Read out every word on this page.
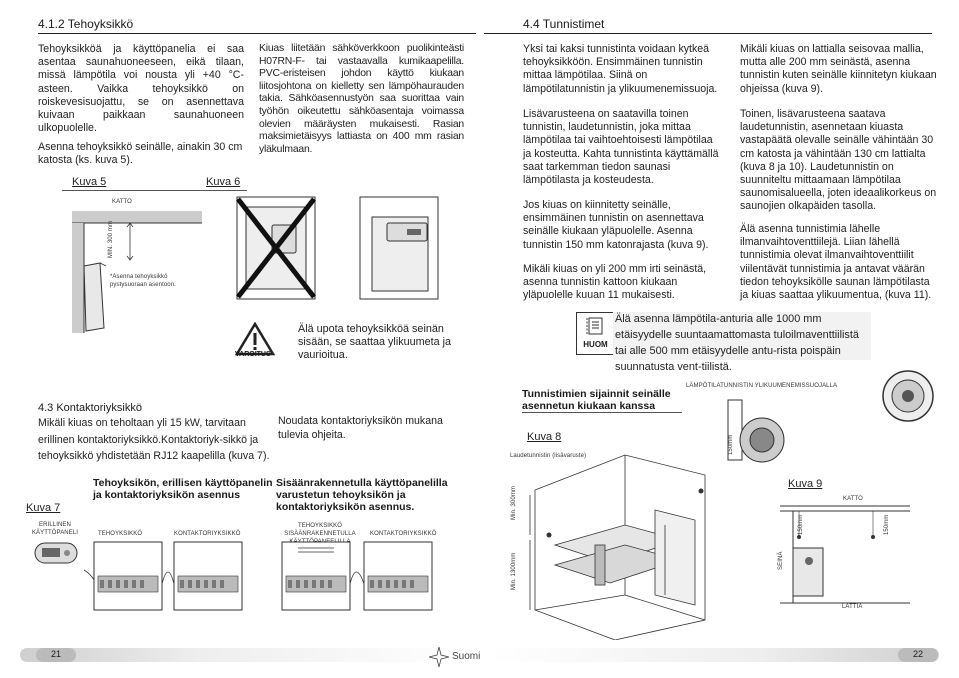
4.1.2 Tehoyksikkö
Tehoyksikköä ja käyttöpanelia ei saa asentaa saunahuoneeseen, eikä tilaan, missä lämpötila voi nousta yli +40 °C-asteen. Vaikka tehoyksikkö on roiskevesisuojattu, se on asennettava kuivaan paikkaan saunahuoneen ulkopuolelle.
Asenna tehoyksikkö seinälle, ainakin 30 cm katosta (ks. kuva 5).
Kiuas liitetään sähköverkkoon puolikinteästi H07RN-F- tai vastaavalla kumikaapelilla. PVC-eristeisen johdon käyttö kiukaan liitosjohtona on kielletty sen lämpöhaurauden takia. Sähköasennustyön saa suorittaa vain työhön oikeutettu sähköasentaja voimassa olevien määräysten mukaisesti. Rasian maksimietäisyys lattiasta on 400 mm rasian yläkulmaan.
Kuva 5	Kuva 6
KATTO
MIN. 300 mm
*Asenna tehoyksikkö pystysuoraan asentoon.
VAROITUS
Älä upota tehoyksikköä seinän sisään, se saattaa ylikuumeta ja vaurioitua.
4.3 Kontaktoriyksikkö
Mikäli kiuas on teholtaan yli 15 kW, tarvitaan erillinen kontaktoriyksikkö.Kontaktoriyk-sikkö ja tehoyksikkö yhdistetään RJ12 kaapelilla (kuva 7).
Noudata kontaktoriyksikön mukana tulevia ohjeita.
Kuva 7
ERILLINEN KÄYTTÖPANELI
Tehoyksikön, erillisen käyttöpanelin ja kontaktoriyksikön asennus
Sisäänrakennetulla käyttöpanelilla varustetun tehoyksikön ja kontaktoriyksikön asennus.
TEHOYKSIKKÖ	KONTAKTORIYKSIKKÖ
TEHOYKSIKKÖ SISÄÄNRAKENNETULLA	KONTAKTORIYKSIKKÖ
21
4.4 Tunnistimet
Yksi tai kaksi tunnistinta voidaan kytkeä tehoyksikköön. Ensimmäinen tunnistin mittaa lämpötilaa. Siinä on lämpötilatunnistin ja ylikuumenemissuoja.
Lisävarusteena on saatavilla toinen tunnistin, laudetunnistin, joka mittaa lämpötilaa tai vaihtoehtoisesti lämpötilaa ja kosteutta. Kahta tunnistinta käyttämällä saat tarkemman tiedon saunasi lämpötilasta ja kosteudesta.
Jos kiuas on kiinnitetty seinälle, ensimmäinen tunnistin on asennettava seinälle kiukaan yläpuolelle. Asenna tunnistin 150 mm katonrajasta (kuva 9).
Mikäli kiuas on yli 200 mm irti seinästä, asenna tunnistin kattoon kiukaan yläpuolelle kuuan 11 mukaisesti.
Mikäli kiuas on lattialla seisovaa mallia, mutta alle 200 mm seinästä, asenna tunnistin kuten seinälle kiinnitetyn kiukaan ohjeissa (kuva 9).
Toinen, lisävarusteena saatava laudetunnistin, asennetaan kiuasta vastapäätä olevalle seinälle vähintään 30 cm katosta ja vähintään 130 cm lattialta (kuva 8 ja 10). Laudetunnistin on suunniteltu mittaamaan lämpötilaa saunomisalueella, joten ideaalikorkeus on saunojien olkapäiden tasolla.
Älä asenna tunnistimia lähelle ilmanvaihtoventtiilejä. Liian lähellä tunnistimia olevat ilmanvaihtoventtiilit viilentävät tunnistimia ja antavat väärän tiedon tehoyksikölle saunan lämpötilasta ja kiuas saattaa ylikuumentua, (kuva 11).
HUOM
Älä asenna lämpötila-anturia alle 1000 mm etäisyydelle suuntaamattomasta tuloilmaventtiilistä tai alle 500 mm etäisyydelle antu-rista poispäin suunnatusta vent-tiilistä.
Tunnistimien sijainnit seinälle asennetun kiukaan kanssa
Kuva 8
Laudetunnistin (lisävaruste)
LÄMPÖTILATUNNISTIN YLIKUUMENEMISSUOJALLA
Min. 300mm
Min. 1300mm
150mm
Kuva 9
KATTO
SEINÄ
150mm	150mm
LATTIA
22
Suomi
